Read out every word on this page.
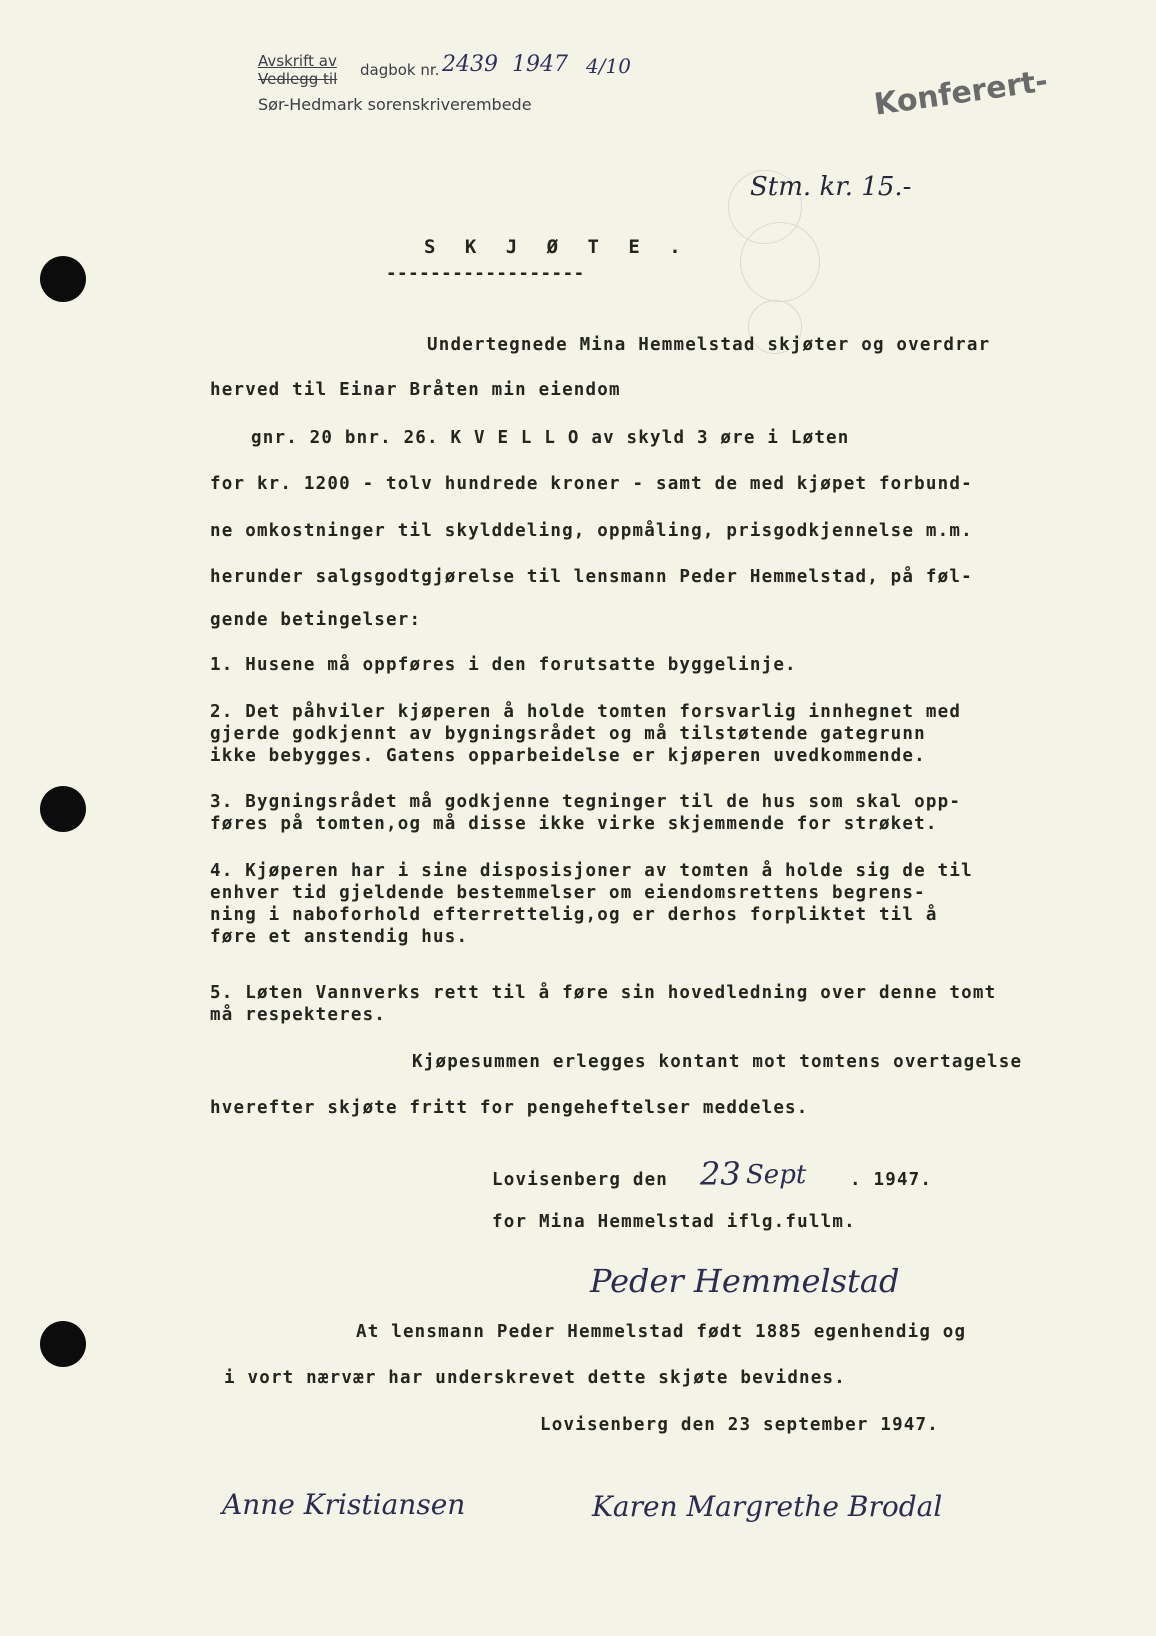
Avskrift av
Vedlegg til dagbok nr. 2439 1947 4/10
Sør-Hedmark sorenskriverembede	Konferert-
Stm. kr. 15.-
S K J Ø T E .
------------------
Undertegnede Mina Hemmelstad skjøter og overdrar
herved til Einar Bråten min eiendom
gnr. 20 bnr. 26. K V E L L O av skyld 3 øre i Løten
for kr. 1200 - tolv hundrede kroner - samt de med kjøpet forbund-
ne omkostninger til skylddeling, oppmåling, prisgodkjennelse m.m.
herunder salgsgodtgjørelse til lensmann Peder Hemmelstad, på føl-
gende betingelser:
1. Husene må oppføres i den forutsatte byggelinje.
2. Det påhviler kjøperen å holde tomten forsvarlig innhegnet med
gjerde godkjennt av bygningsrådet og må tilstøtende gategrunn
ikke bebygges. Gatens opparbeidelse er kjøperen uvedkommende.
3. Bygningsrådet må godkjenne tegninger til de hus som skal opp-
føres på tomten,og må disse ikke virke skjemmende for strøket.
4. Kjøperen har i sine disposisjoner av tomten å holde sig de til
enhver tid gjeldende bestemmelser om eiendomsrettens begrens-
ning i naboforhold efterrettelig,og er derhos forpliktet til å
føre et anstendig hus.
5. Løten Vannverks rett til å føre sin hovedledning over denne tomt
må respekteres.
Kjøpesummen erlegges kontant mot tomtens overtagelse
hverefter skjøte fritt for pengeheftelser meddeles.
Lovisenberg den 23 Sept . 1947.
for Mina Hemmelstad iflg.fullm.
Peder Hemmelstad
At lensmann Peder Hemmelstad født 1885 egenhendig og
i vort nærvær har underskrevet dette skjøte bevidnes.
Lovisenberg den 23 september 1947.
Anne Kristiansen	Karen Margrethe Brodal
